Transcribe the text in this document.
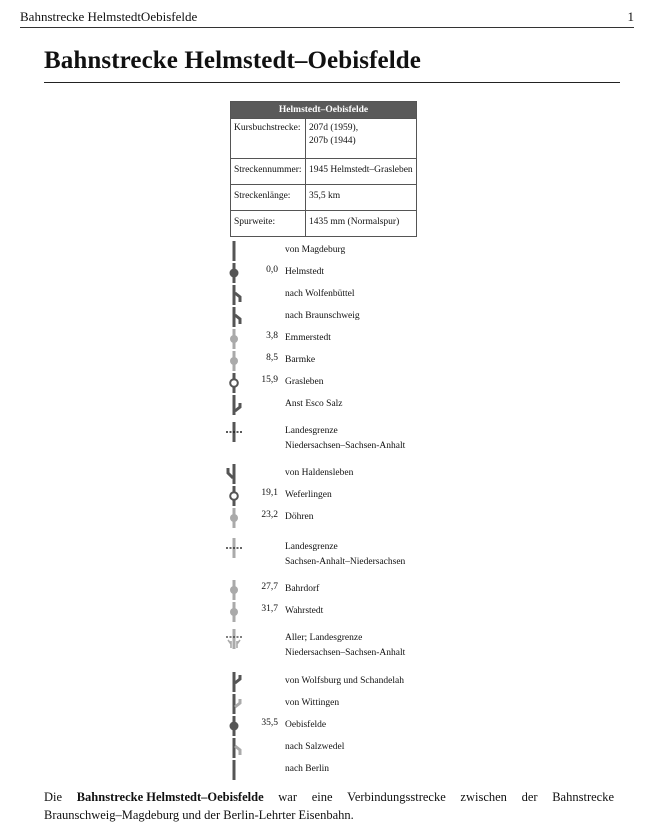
Bahnstrecke HelmstedtOebisfelde	1
Bahnstrecke Helmstedt–Oebisfelde
Helmstedt–Oebisfelde	
Kursbuchstrecke:	207d (1959),
207b (1944)
Streckennummer:	1945 Helmstedt–Grasleben
Streckenlänge:	35,5 km
Spurweite:	1435 mm (Normalspur)
von Magdeburg
0,0 Helmstedt
nach Wolfenbüttel
nach Braunschweig
3,8 Emmerstedt
8,5 Barmke
15,9 Grasleben
Anst Esco Salz
Landesgrenze
Niedersachsen–Sachsen-Anhalt
von Haldensleben
19,1 Weferlingen
23,2 Döhren
Landesgrenze
Sachsen-Anhalt–Niedersachsen
27,7 Bahrdorf
31,7 Wahrstedt
Aller; Landesgrenze
Niedersachsen–Sachsen-Anhalt
von Wolfsburg und Schandelah
von Wittingen
35,5 Oebisfelde
nach Salzwedel
nach Berlin
Die Bahnstrecke Helmstedt–Oebisfelde war eine Verbindungsstrecke zwischen der Bahnstrecke
Braunschweig–Magdeburg und der Berlin-Lehrter Eisenbahn.
